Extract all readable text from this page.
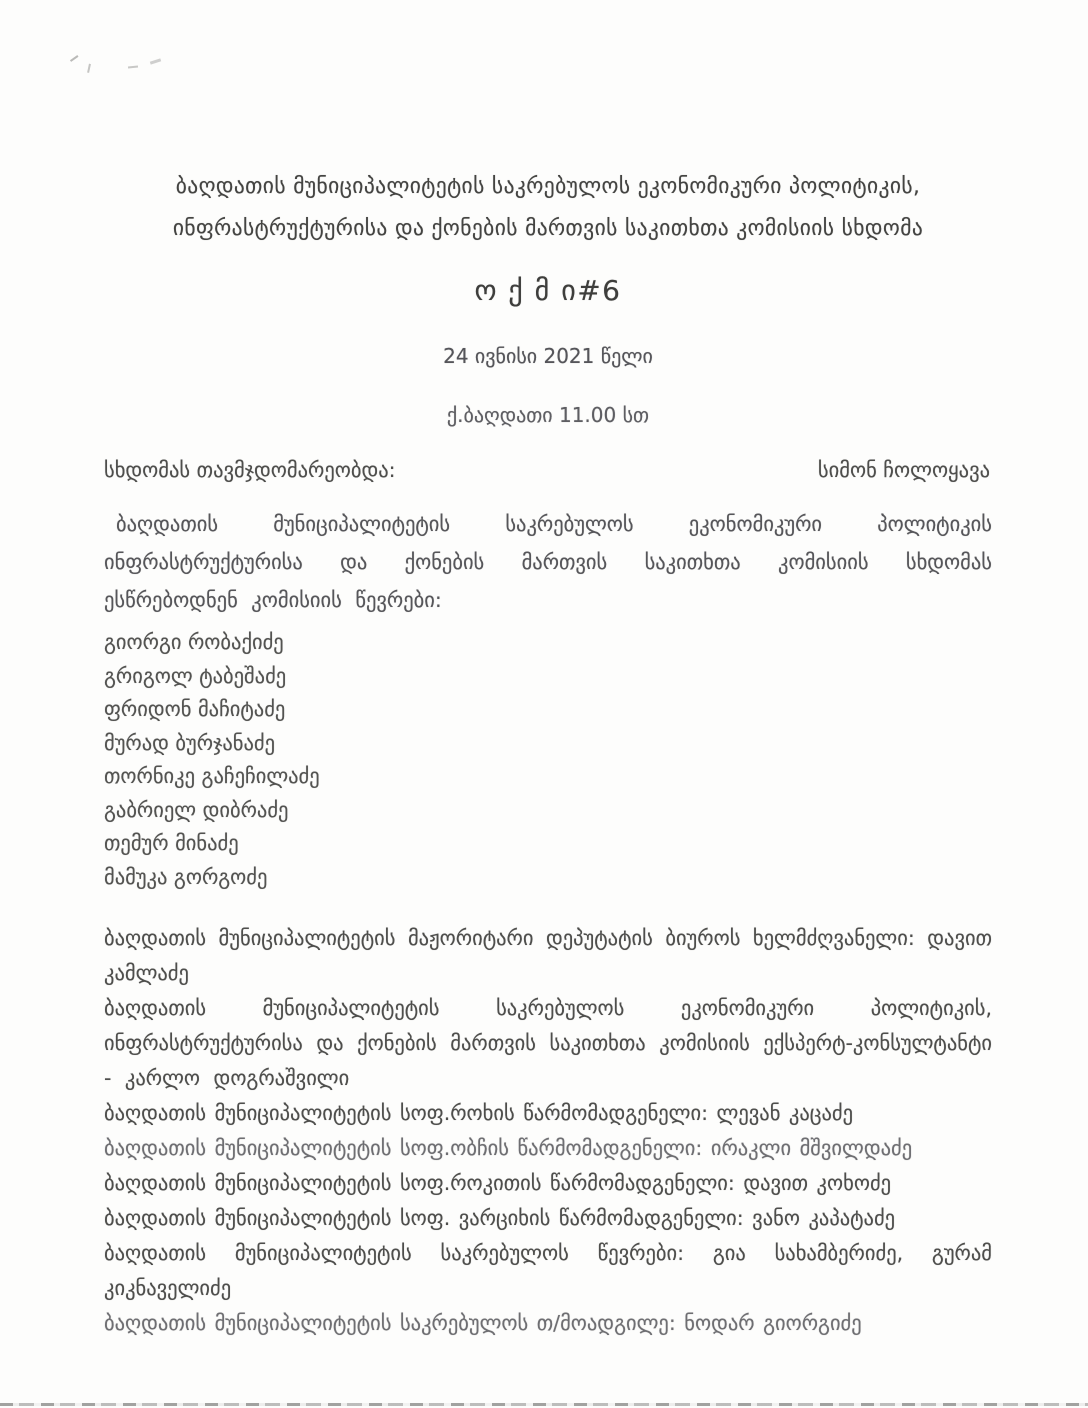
ბაღდათის მუნიციპალიტეტის საკრებულოს ეკონომიკური პოლიტიკის,
ინფრასტრუქტურისა და ქონების მართვის საკითხთა კომისიის სხდომა
ო ქ მ ი#6
24 ივნისი 2021 წელი
ქ.ბაღდათი 11.00 სთ
სხდომას თავმჯდომარეობდა:	სიმონ ჩოლოყავა

ბაღდათის მუნიციპალიტეტის საკრებულოს ეკონომიკური პოლიტიკის ინფრასტრუქტურისა და ქონების მართვის საკითხთა კომისიის სხდომას ესწრებოდნენ კომისიის წევრები:

გიორგი რობაქიძე
გრიგოლ ტაბეშაძე
ფრიდონ მაჩიტაძე
მურად ბურჯანაძე
თორნიკე გაჩეჩილაძე
გაბრიელ დიბრაძე
თემურ მინაძე
მამუკა გორგოძე

ბაღდათის მუნიციპალიტეტის მაჟორიტარი დეპუტატის ბიუროს ხელმძღვანელი: დავით კამლაძე

ბაღდათის მუნიციპალიტეტის საკრებულოს ეკონომიკური პოლიტიკის, ინფრასტრუქტურისა და ქონების მართვის საკითხთა კომისიის ექსპერტ-კონსულტანტი - კარლო დოგრაშვილი

ბაღდათის მუნიციპალიტეტის სოფ.როხის წარმომადგენელი: ლევან კაცაძე

ბაღდათის მუნიციპალიტეტის სოფ.ობჩის წარმომადგენელი: ირაკლი მშვილდაძე

ბაღდათის მუნიციპალიტეტის სოფ.როკითის წარმომადგენელი: დავით კოხოძე

ბაღდათის მუნიციპალიტეტის სოფ. ვარციხის წარმომადგენელი: ვანო კაპატაძე

ბაღდათის მუნიციპალიტეტის საკრებულოს წევრები: გია სახამბერიძე, გურამ კიკნაველიძე

ბაღდათის მუნიციპალიტეტის საკრებულოს თ/მოადგილე: ნოდარ გიორგიძე
